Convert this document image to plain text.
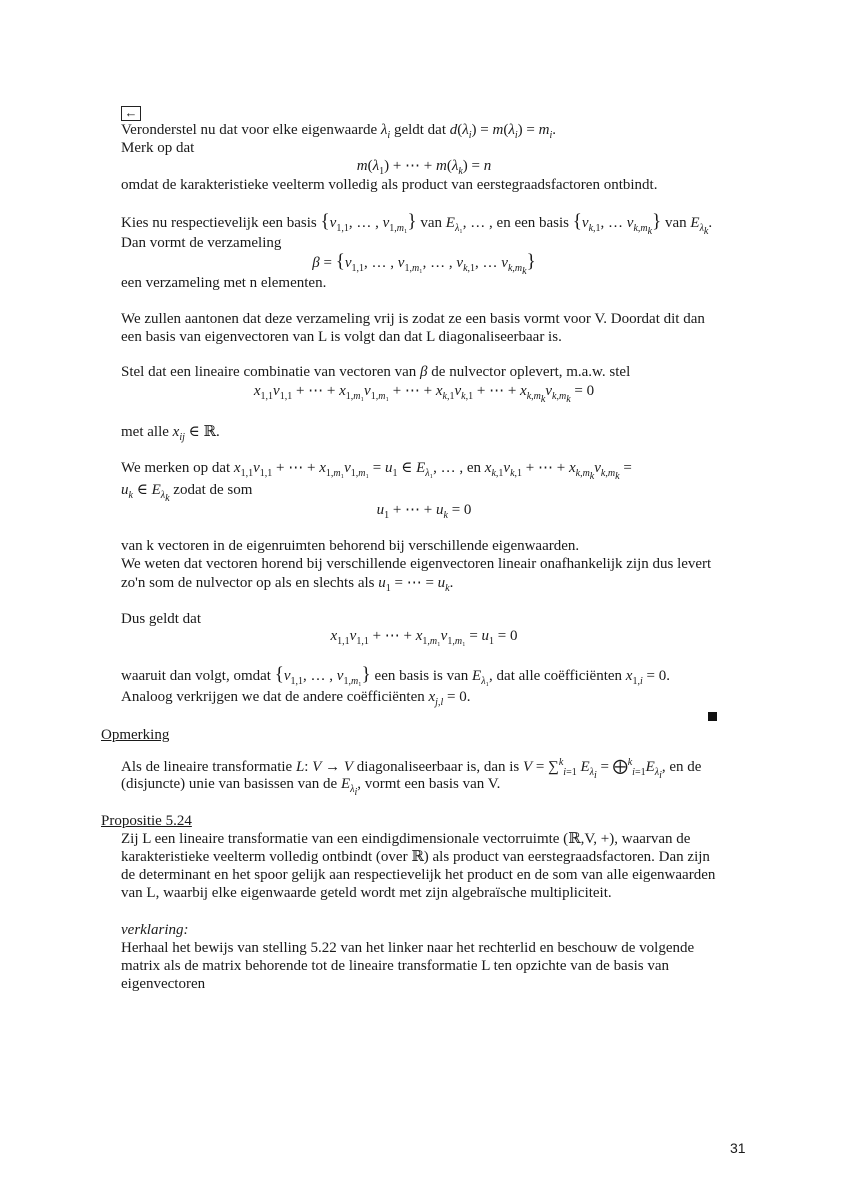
←
Veronderstel nu dat voor elke eigenwaarde $\lambda_i$ geldt dat $d(\lambda_i) = m(\lambda_i) = m_i$.
Merk op dat
$m(\lambda_1)$ + ⋯ + $m(\lambda_k) = n$
omdat de karakteristieke veelterm volledig als product van eerstegraadsfactoren ontbindt.
Kies nu respectievelijk een basis {$v_{1,1}$, … , $v_{1,m_1}$} van $E_{\lambda_1}$, … , en een basis {$v_{k,1}$, … $v_{k,m_k}$} van $E_{\lambda_k}$.
Dan vormt de verzameling
$\beta = \{v_{1,1}$, … , $v_{1,m_1}$, … , $v_{k,1}$, … $v_{k,m_k}$}
een verzameling met n elementen.
We zullen aantonen dat deze verzameling vrij is zodat ze een basis vormt voor V. Doordat dit dan
een basis van eigenvectoren van L is volgt dan dat L diagonaliseerbaar is.
Stel dat een lineaire combinatie van vectoren van β de nulvector oplevert, m.a.w. stel
$x_{1,1}v_{1,1}$ + ⋯ + $x_{1,m_1}v_{1,m_1}$ + ⋯ + $x_{k,1}v_{k,1}$ + ⋯ + $x_{k,m_k}v_{k,m_k} = 0$
met alle $x_{ij}$ ∈ ℝ.
We merken op dat $x_{1,1}v_{1,1}$ + ⋯ + $x_{1,m_1}v_{1,m_1} = u_1$ ∈ $E_{\lambda_1}$, … , en $x_{k,1}v_{k,1}$ + ⋯ + $x_{k,m_k}v_{k,m_k}$ =
$u_k$ ∈ $E_{\lambda_k}$ zodat de som
$u_1$ + ⋯ + $u_k = 0$
van k vectoren in de eigenruimten behorend bij verschillende eigenwaarden.
We weten dat vectoren horend bij verschillende eigenvectoren lineair onafhankelijk zijn dus levert
zo'n som de nulvector op als en slechts als $u_1$ = ⋯ = $u_k$.
Dus geldt dat
$x_{1,1}v_{1,1}$ + ⋯ + $x_{1,m_1}v_{1,m_1} = u_1 = 0$
waaruit dan volgt, omdat {$v_{1,1}$, … , $v_{1,m_1}$} een basis is van $E_{\lambda_1}$, dat alle coëfficiënten $x_{1,i} = 0$.
Analoog verkrijgen we dat de andere coëfficiënten $x_{j,l} = 0$.
Opmerking
Als de lineaire transformatie L: V → V diagonaliseerbaar is, dan is V = ∑$^k_{i=1}$ $E_{\lambda_i}$ = $⨁^k_{i=1}E_{\lambda_i}$, en de
(disjuncte) unie van basissen van de $E_{\lambda_i}$, vormt een basis van V.
Propositie 5.24
Zij L een lineaire transformatie van een eindigdimensionale vectorruimte (ℝ,V, +), waarvan de
karakteristieke veelterm volledig ontbindt (over ℝ) als product van eerstegraadsfactoren. Dan zijn
de determinant en het spoor gelijk aan respectievelijk het product en de som van alle eigenwaarden
van L, waarbij elke eigenwaarde geteld wordt met zijn algebraïsche multipliciteit.
verklaring:
Herhaal het bewijs van stelling 5.22 van het linker naar het rechterlid en beschouw de volgende
matrix als de matrix behorende tot de lineaire transformatie L ten opzichte van de basis van
eigenvectoren
31
